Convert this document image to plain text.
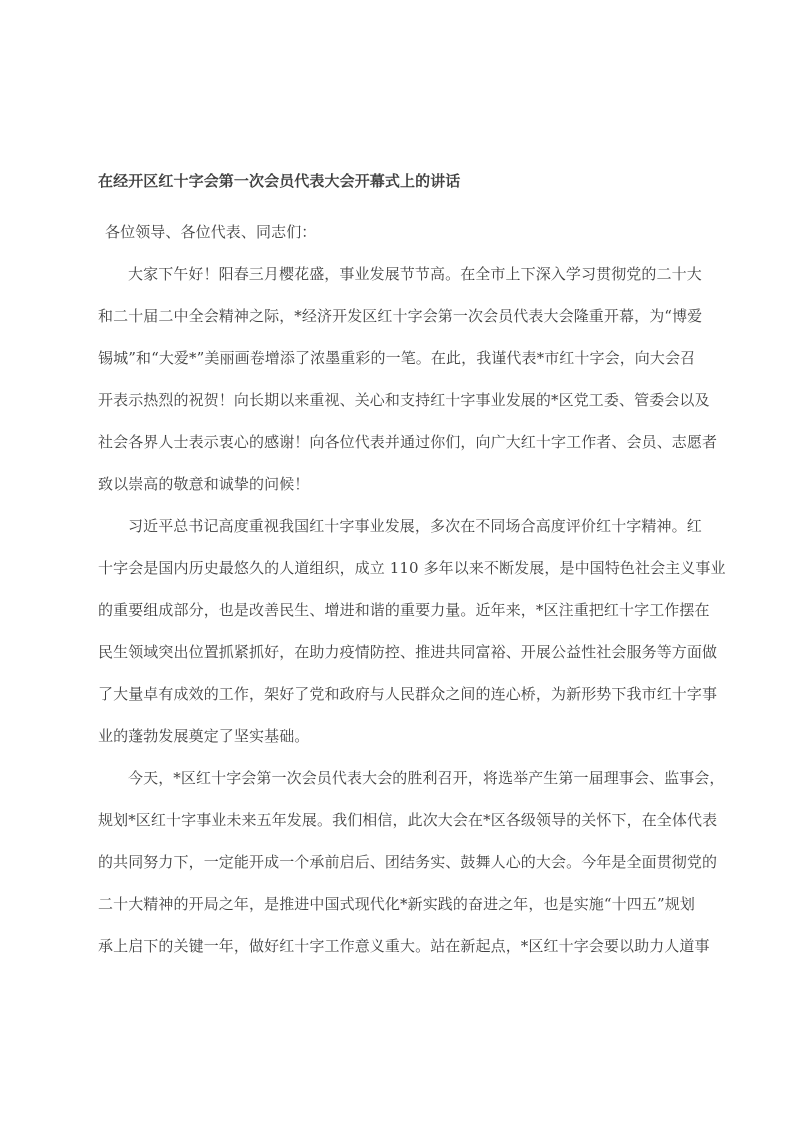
在经开区红十字会第一次会员代表大会开幕式上的讲话
各位领导、各位代表、同志们：
大家下午好！阳春三月樱花盛，事业发展节节高。在全市上下深入学习贯彻党的二十大
和二十届二中全会精神之际，*经济开发区红十字会第一次会员代表大会隆重开幕，为“博爱
锡城”和“大爱*”美丽画卷增添了浓墨重彩的一笔。在此，我谨代表*市红十字会，向大会召
开表示热烈的祝贺！向长期以来重视、关心和支持红十字事业发展的*区党工委、管委会以及
社会各界人士表示衷心的感谢！向各位代表并通过你们，向广大红十字工作者、会员、志愿者
致以崇高的敬意和诚挚的问候！
习近平总书记高度重视我国红十字事业发展，多次在不同场合高度评价红十字精神。红
十字会是国内历史最悠久的人道组织，成立 110 多年以来不断发展，是中国特色社会主义事业
的重要组成部分，也是改善民生、增进和谐的重要力量。近年来，*区注重把红十字工作摆在
民生领域突出位置抓紧抓好，在助力疫情防控、推进共同富裕、开展公益性社会服务等方面做
了大量卓有成效的工作，架好了党和政府与人民群众之间的连心桥，为新形势下我市红十字事
业的蓬勃发展奠定了坚实基础。
今天，*区红十字会第一次会员代表大会的胜利召开，将选举产生第一届理事会、监事会，
规划*区红十字事业未来五年发展。我们相信，此次大会在*区各级领导的关怀下，在全体代表
的共同努力下，一定能开成一个承前启后、团结务实、鼓舞人心的大会。今年是全面贯彻党的
二十大精神的开局之年，是推进中国式现代化*新实践的奋进之年，也是实施“十四五”规划
承上启下的关键一年，做好红十字工作意义重大。站在新起点，*区红十字会要以助力人道事
